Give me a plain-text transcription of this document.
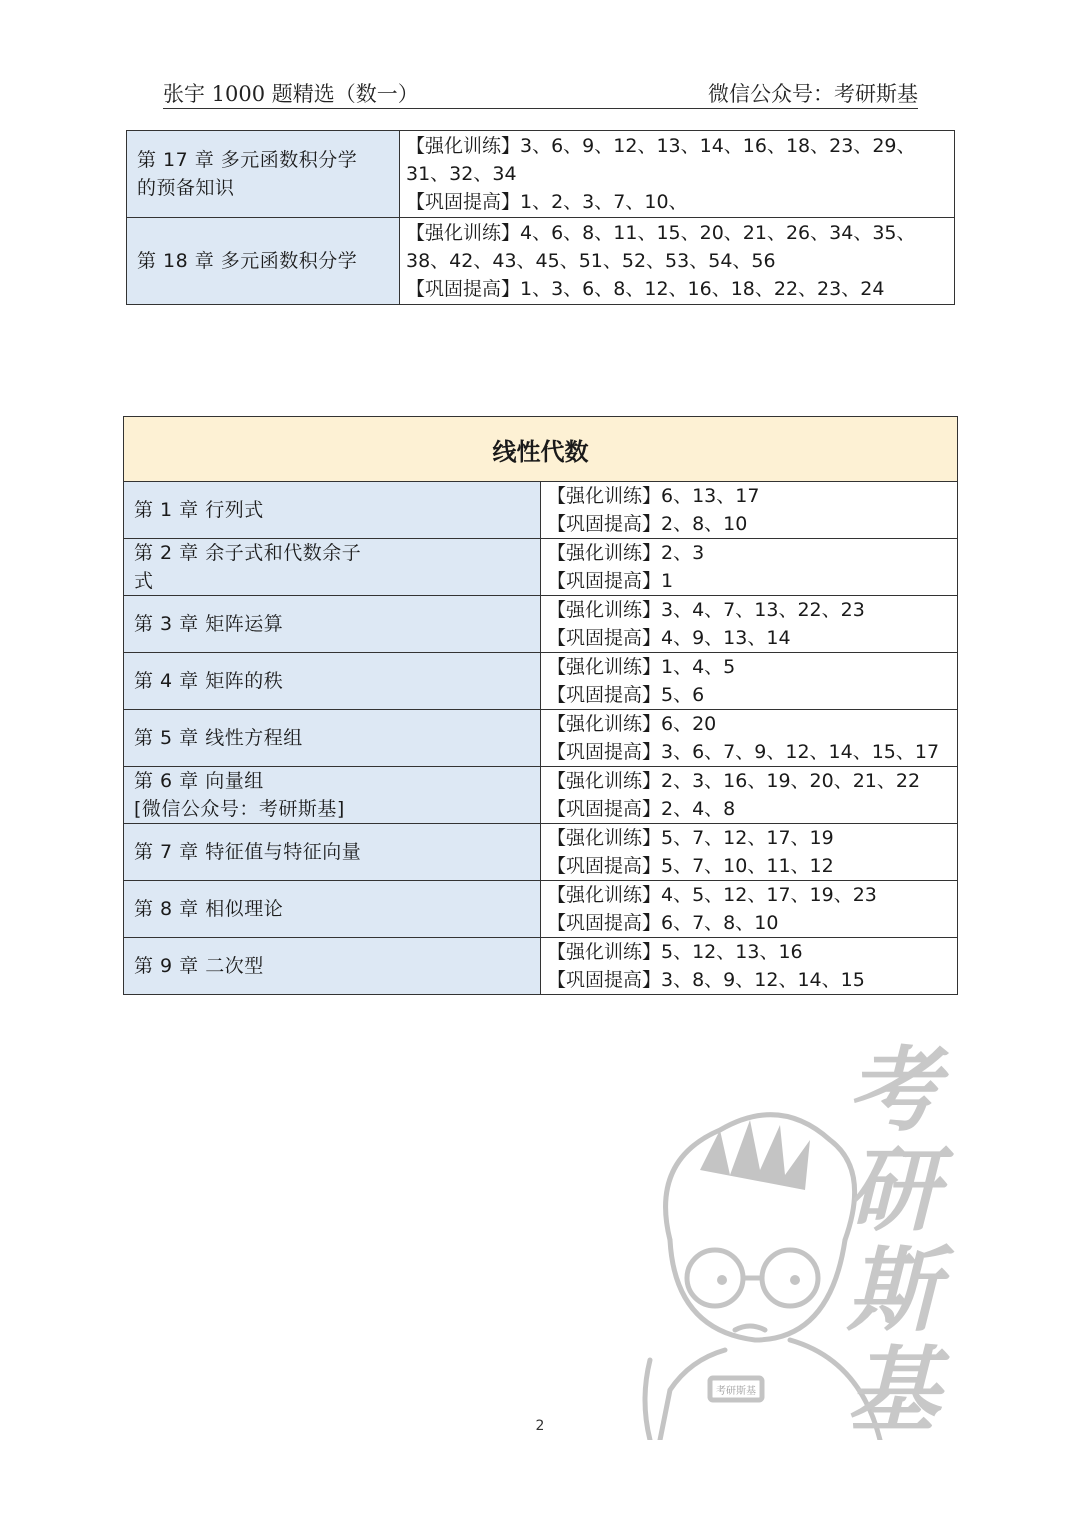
张宇 1000 题精选（数一）	微信公众号：考研斯基
第 17 章 多元函数积分学
的预备知识	【强化训练】3、6、9、12、13、14、16、18、23、29、
31、32、34
【巩固提高】1、2、3、7、10、

第 18 章 多元函数积分学	【强化训练】4、6、8、11、15、20、21、26、34、35、
38、42、43、45、51、52、53、54、56
【巩固提高】1、3、6、8、12、16、18、22、23、24
线性代数	

第 1 章 行列式	【强化训练】6、13、17
【巩固提高】2、8、10

第 2 章 余子式和代数余子
式	【强化训练】2、3
【巩固提高】1

第 3 章 矩阵运算	【强化训练】3、4、7、13、22、23
【巩固提高】4、9、13、14

第 4 章 矩阵的秩	【强化训练】1、4、5
【巩固提高】5、6

第 5 章 线性方程组	【强化训练】6、20
【巩固提高】3、6、7、9、12、14、15、17

第 6 章 向量组
[微信公众号：考研斯基]	【强化训练】2、3、16、19、20、21、22
【巩固提高】2、4、8

第 7 章 特征值与特征向量	【强化训练】5、7、12、17、19
【巩固提高】5、7、10、11、12

第 8 章 相似理论	【强化训练】4、5、12、17、19、23
【巩固提高】6、7、8、10

第 9 章 二次型	【强化训练】5、12、13、16
【巩固提高】3、8、9、12、14、15
2
考研斯基
考
研
斯
基
